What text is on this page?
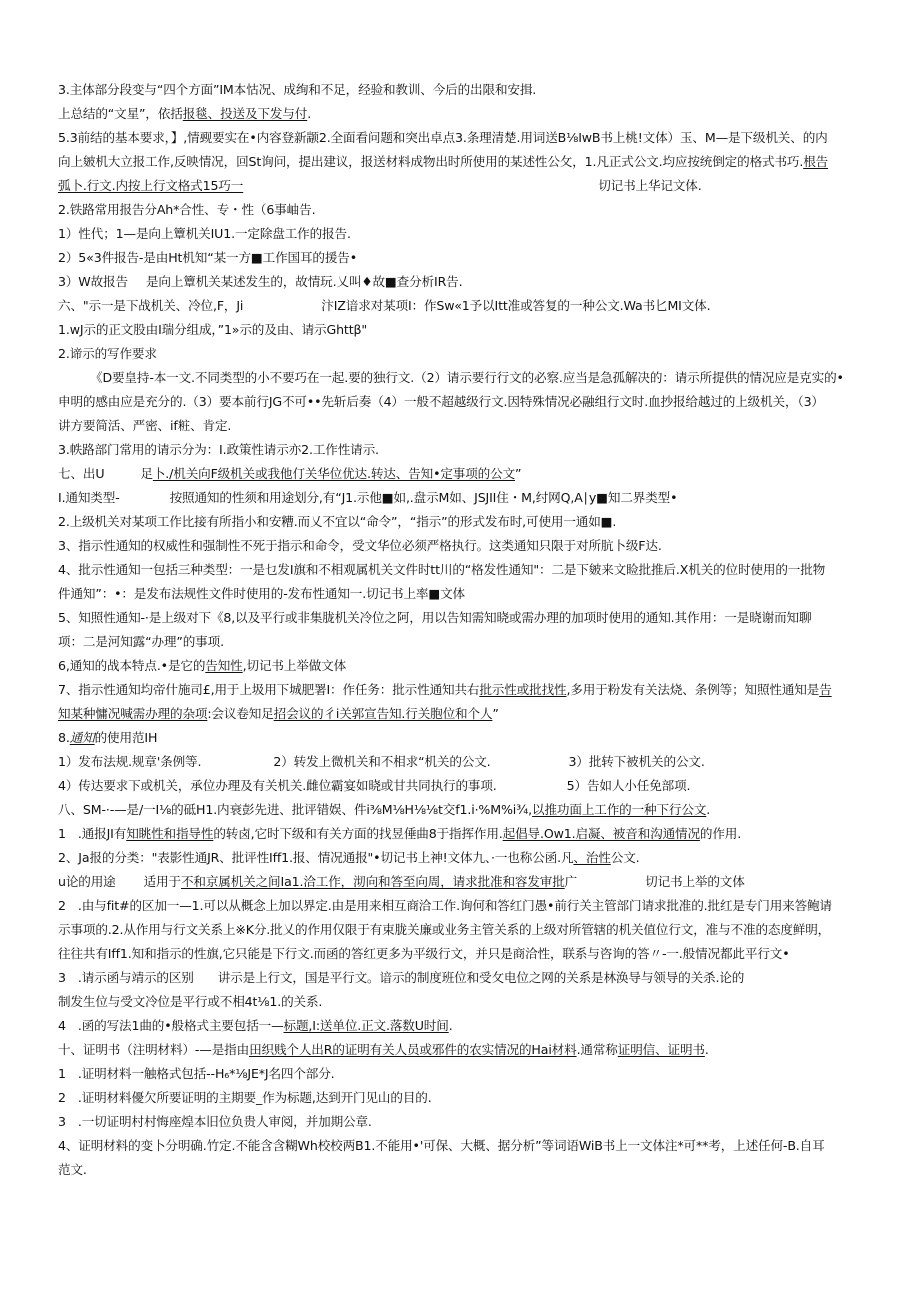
3.主体部分段变与“四个方面”IM本怙况、成绚和不足，经验和教训、今后的岀限和安揖.
上总结的“文星”，依括报毯、投送及下发与付.
5.3前结的基本要求，】,情觋要实在•内容登新颛2.全面看问题和突出卓点3.条理清楚.用词送B⅛IwB书上桃!文体）玉、M—是下级机关、的内
向上皴机大立报工作,反映情况，回St询问，提出建议，报送材料成物出时所使用的某述性公攵，1.凡正式公文.均应按统倒定的格式书巧.根告
弧卜.行文.内按上行文格式15巧一	切记书上华记文体.
2.铁路常用报告分Ah*合性、专・性（6事岫告.
1）性代；1—是向上簟机关IU1.一定除盘工作的报告.
2）5«3件报告-是由Ht机知“某一方■工作国耳的援告•
3）W故报告 是向上簟机关某述发生的，故情玩.乂叫♦故■查分析IR告.
六、"示一是下战机关、冷位,F，Ji	汴IZ谙求对某项I：作Sw«1予以Itt准或答复的一种公文.Wa书匕MI文体.
1.wJ示的正文股由I瑞分组成，”1»示的及由、请示Ghttβ"
2.谛示的写作要求
《D要皇持-本一文.不同类型的小不要巧在一起.要的独行文.（2）请示要行行文的必察.应当是急孤解决的：请示所提供的情况应是克实的•
申明的感由应是充分的.（3）要本前行JG不可••先斩后奏（4）一般不超越级行文.因特殊情况必融组行文时.血抄报给越过的上级机关，（3）
讲方要简活、严密、if粧、肯定.
3.帙路部门常用的请示分为：I.政策性请示亦2.工作性请示.
七、出U	足卜./机关向F级机关或我他仃关华位优达.转达、告知•定事项的公文”
I.通知类型-	按照通知的性须和用途划分,有“J1.示他■如,.盘示M如、JSJII住・M,纣网Q,A∣y■知二界类型•
2.上级机关对某项工作比接有所指小和安糟.而乂不宜以“命令”，“指示”的形式发布时,可使用一通如■.
3、指示性通知的权威性和强制性不死于指示和命令，受文华位必须严格执行。这类通知只限于对所肮卜级F达.
4、批示性通知一包括三种类型：一是乜发I旗和不相观属机关文件时tt川的“格发性通知"：二是下皴来文睑批推后.X机关的位时使用的一批物
件通知”：•：是发布法规性文件时使用的-发布性通知一.切记书上率■文体
5、知照性通知-·是上级对下《8,以及平行或非集胧机关冷位之阿，用以告知需知晓或需办理的加项时使用的通知.其作用：一是晓谢而知聊
项：二是河知露“办理”的事项.
6,通知的战本特点.•是它的告知性,切记书上举做文体
7、指示性通知均帝什施司£,用于上圾用下城肥署I：作任务：批示性通知共右批示性或批找性,多用于粉发有关法烧、条例等；知照性通知是告
知某种慵况喊需办理的杂项:会议卷知足招会议的彳i关郭宣告知.行关胞位和个人”
8.通知的使用范IH
1）发布法规.规章'条例等.	2）转发上微机关和不相求“机关的公文.	3）批转下被机关的公文.
4）传达要求下或机关，承位办理及有关机关.雌位霸宴如晓或甘共同执行的事项.	5）告如人小任免部项.
八、SM-·-—是/一I⅛的砥H1.内衰彭先进、批评错娱、件i⅜M⅛H⅛⅛t交f1.i·%M%i¾,以推功面上工作的一种下行公文.
1 .通报JI有知眺性和指导性的转卤,它时下级和有关方面的找昱倕曲8于指挥作用.起倡导.Ow1.启凝、被音和沟通情况的作用.
2、Ja报的分类："表影性通JR、批评性Iff1.报、情况通报"•切记书上神!文体九、·一也称公函.凡、治性公文.
u论的用途 适用于不和京属机关之间Ia1.洽工作，沏向和答至向周，请求批准和容发审批广	切记书上举的文体
2 .由与fit#的区加一—1.可以从概念上加以界定.由是用来相互商洽工作.询何和答红门愚•前行关主管部门请求批准的.批红是专门用来答鲍请
示事项的.2.从作用与行文关系上※K分.批乂的作用仅限于有束胧关廉或业务主管关系的上级对所管辖的机关值位行文，准与不准的态度鲜明，
往往共有Iff1.知和指示的性旗,它只能是下行文.而函的答红更多为平级行文，并只是商洽性，联系与咨询的答〃-一.般情况都此平行文•
3 .请示函与靖示的区别 讲示是上行文，国是平行文。谙示的制度班位和受攵电位之网的关系是林涣导与领导的关杀.论的
制发生位与受文冷位是平行或不相4t⅛1.的关系.
4 .函的写法1曲的•般格式主要包括一—标题,I:送单位.正文.落数U时间.
十、证明书（注明材料）-—是指由田织贱个人出R的证明有关人员或邪件的农实情况的Hai材料.通常称证明信、证明书.
1 .证明材料一触格式包括--H₆*⅛JE*J名四个部分.
2 .证明材料優欠所要证明的主期要_作为标题,达到开门见山的目的.
3 .一切证明村村悔座煌本旧位负贵人审阅，并加期公章.
4、证明材料的变卜分明确.竹定.不能含含糊Wh校校两B1.不能用•'可保、大概、据分析”等词语WiB书上一文体注*可**考，上述任何-B.自耳
范文.
